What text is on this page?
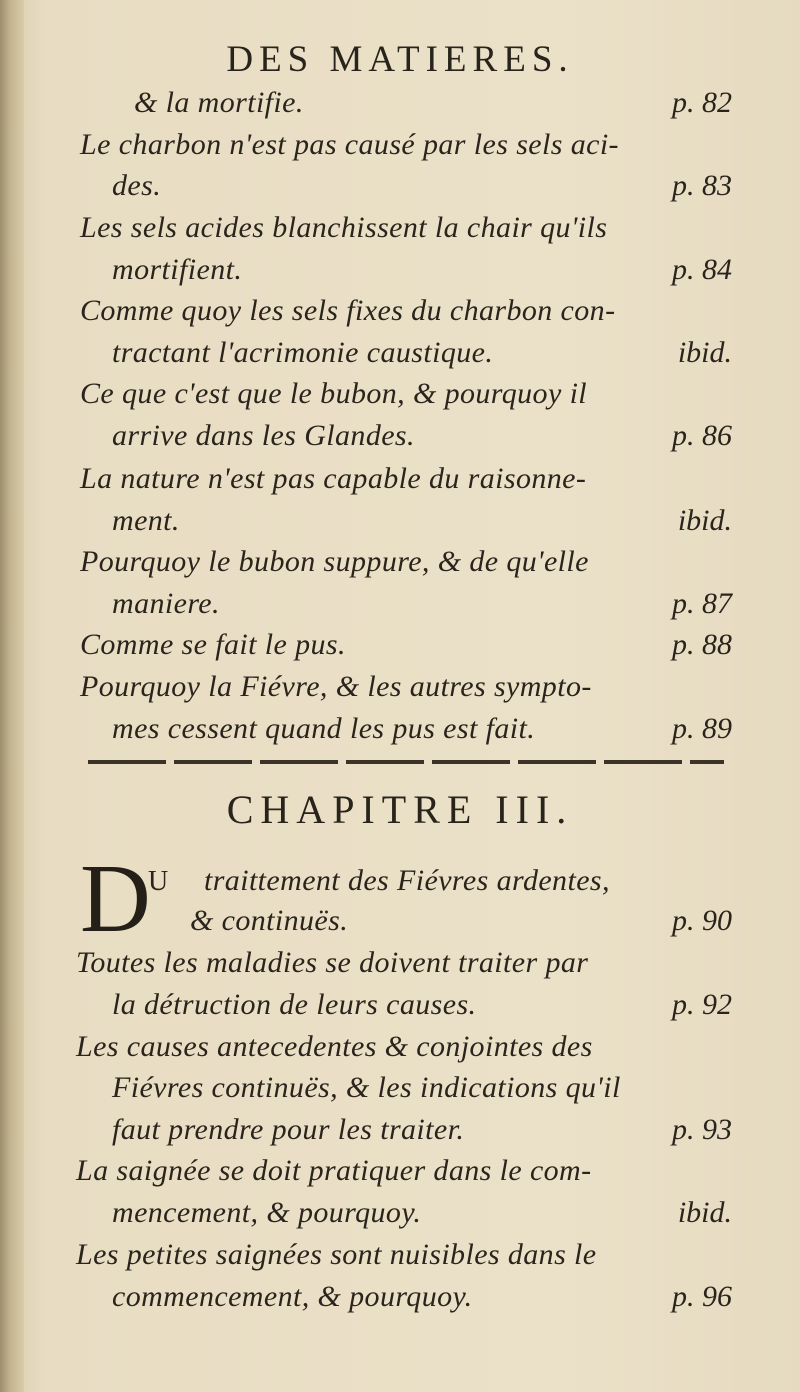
DES MATIERES.
& la mortifie.	p. 82
Le charbon n'est pas causé par les sels aci-
des.	p. 83
Les sels acides blanchissent la chair qu'ils
mortifient.	p. 84
Comme quoy les sels fixes du charbon con-
tractant l'acrimonie caustique.	ibid.
Ce que c'est que le bubon, & pourquoy il
arrive dans les Glandes.	p. 86
La nature n'est pas capable du raisonne-
ment.	ibid.
Pourquoy le bubon suppure, & de qu'elle
maniere.	p. 87
Comme se fait le pus.	p. 88
Pourquoy la Fiévre, & les autres sympto-
mes cessent quand les pus est fait.	p. 89
CHAPITRE III.
D
U traittement des Fiévres ardentes,
& continuës.	p. 90
Toutes les maladies se doivent traiter par
la détruction de leurs causes.	p. 92
Les causes antecedentes & conjointes des
Fiévres continuës, & les indications qu'il
faut prendre pour les traiter.	p. 93
La saignée se doit pratiquer dans le com-
mencement, & pourquoy.	ibid.
Les petites saignées sont nuisibles dans le
commencement, & pourquoy.	p. 96
